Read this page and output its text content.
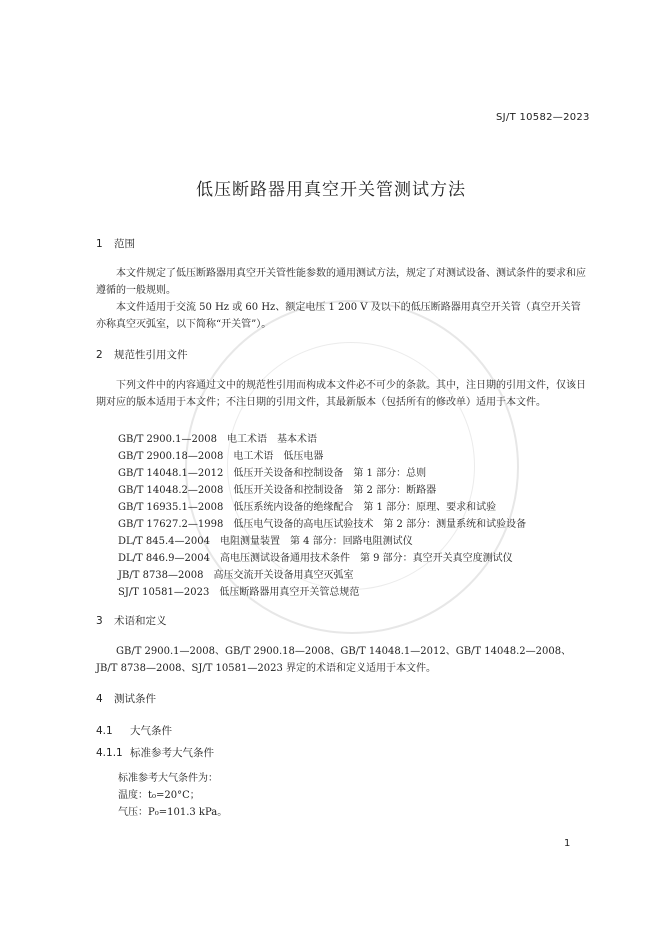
SJ/T 10582—2023
低压断路器用真空开关管测试方法
1 范围
本文件规定了低压断路器用真空开关管性能参数的通用测试方法，规定了对测试设备、测试条件的要求和应遵循的一般规则。
本文件适用于交流 50 Hz 或 60 Hz、额定电压 1 200 V 及以下的低压断路器用真空开关管（真空开关管亦称真空灭弧室，以下简称“开关管”）。
2 规范性引用文件
下列文件中的内容通过文中的规范性引用而构成本文件必不可少的条款。其中，注日期的引用文件，仅该日期对应的版本适用于本文件；不注日期的引用文件，其最新版本（包括所有的修改单）适用于本文件。
GB/T 2900.1—2008　电工术语　基本术语
GB/T 2900.18—2008　电工术语　低压电器
GB/T 14048.1—2012　低压开关设备和控制设备　第 1 部分：总则
GB/T 14048.2—2008　低压开关设备和控制设备　第 2 部分：断路器
GB/T 16935.1—2008　低压系统内设备的绝缘配合　第 1 部分：原理、要求和试验
GB/T 17627.2—1998　低压电气设备的高电压试验技术　第 2 部分：测量系统和试验设备
DL/T 845.4—2004　电阻测量装置　第 4 部分：回路电阻测试仪
DL/T 846.9—2004　高电压测试设备通用技术条件　第 9 部分：真空开关真空度测试仪
JB/T 8738—2008　高压交流开关设备用真空灭弧室
SJ/T 10581—2023　低压断路器用真空开关管总规范
3 术语和定义
GB/T 2900.1—2008、GB/T 2900.18—2008、GB/T 14048.1—2012、GB/T 14048.2—2008、JB/T 8738—2008、SJ/T 10581—2023 界定的术语和定义适用于本文件。
4 测试条件
4.1 大气条件
4.1.1 标准参考大气条件
标准参考大气条件为：
温度：t₀=20°C；
气压：P₀=101.3 kPa。
1
